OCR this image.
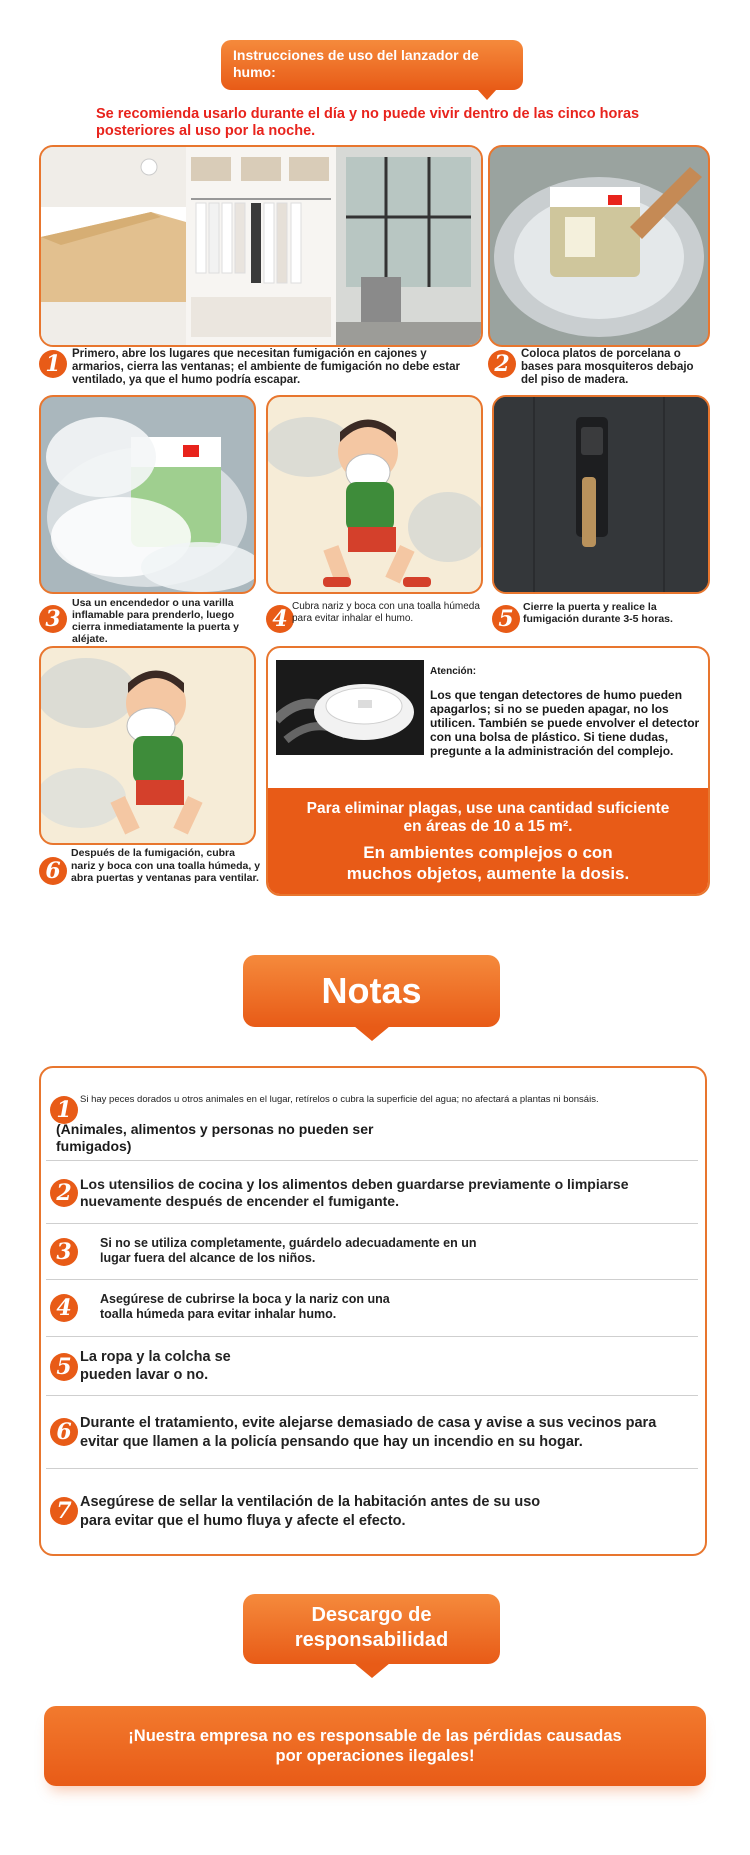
Instrucciones de uso del lanzador de humo:
Se recomienda usarlo durante el día y no puede vivir dentro de las cinco horas posteriores al uso por la noche.
1 Primero, abre los lugares que necesitan fumigación en cajones y armarios, cierra las ventanas; el ambiente de fumigación no debe estar ventilado, ya que el humo podría escapar.
2 Coloca platos de porcelana o bases para mosquiteros debajo del piso de madera.
3
Usa un encendedor o una varilla inflamable para prenderlo, luego cierra inmediatamente la puerta y aléjate.
4 Cubra nariz y boca con una toalla húmeda para evitar inhalar el humo.	5 Cierre la puerta y realice la fumigación durante 3-5 horas.
6
Después de la fumigación, cubra nariz y boca con una toalla húmeda, y abra puertas y ventanas para ventilar.
Atención:
Los que tengan detectores de humo pueden apagarlos; si no se pueden apagar, no los utilicen. También se puede envolver el detector con una bolsa de plástico. Si tiene dudas, pregunte a la administración del complejo.
Para eliminar plagas, use una cantidad suficiente
en áreas de 10 a 15 m².
En ambientes complejos o con
muchos objetos, aumente la dosis.
Notas
1 Si hay peces dorados u otros animales en el lugar, retírelos o cubra la superficie del agua; no afectará a plantas ni bonsáis.
(Animales, alimentos y personas no pueden ser fumigados)
2 Los utensilios de cocina y los alimentos deben guardarse previamente o limpiarse nuevamente después de encender el fumigante.
3	Si no se utiliza completamente, guárdelo adecuadamente en un lugar fuera del alcance de los niños.
4	Asegúrese de cubrirse la boca y la nariz con una toalla húmeda para evitar inhalar humo.
5 La ropa y la colcha se pueden lavar o no.
6 Durante el tratamiento, evite alejarse demasiado de casa y avise a sus vecinos para evitar que llamen a la policía pensando que hay un incendio en su hogar.
7 Asegúrese de sellar la ventilación de la habitación antes de su uso para evitar que el humo fluya y afecte el efecto.
Descargo de responsabilidad
¡Nuestra empresa no es responsable de las pérdidas causadas por operaciones ilegales!
